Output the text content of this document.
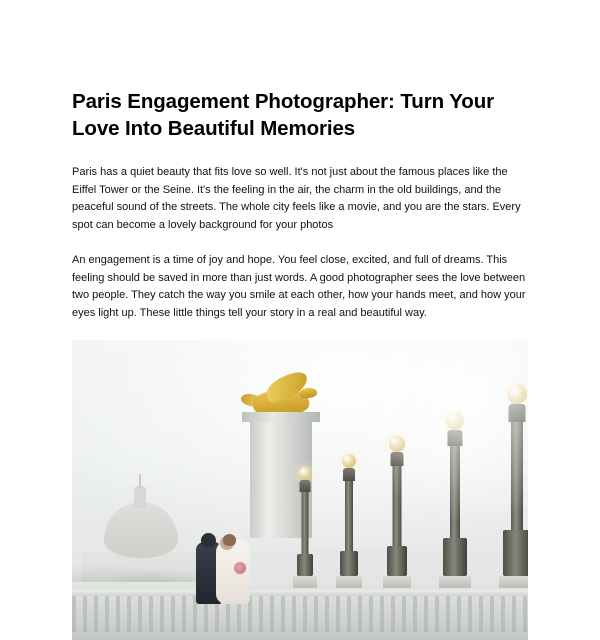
Paris Engagement Photographer: Turn Your Love Into Beautiful Memories

Paris has a quiet beauty that fits love so well. It's not just about the famous places like the Eiffel Tower or the Seine. It's the feeling in the air, the charm in the old buildings, and the peaceful sound of the streets. The whole city feels like a movie, and you are the stars. Every spot can become a lovely background for your photos

An engagement is a time of joy and hope. You feel close, excited, and full of dreams. This feeling should be saved in more than just words. A good photographer sees the love between two people. They catch the way you smile at each other, how your hands meet, and how your eyes light up. These little things tell your story in a real and beautiful way.
